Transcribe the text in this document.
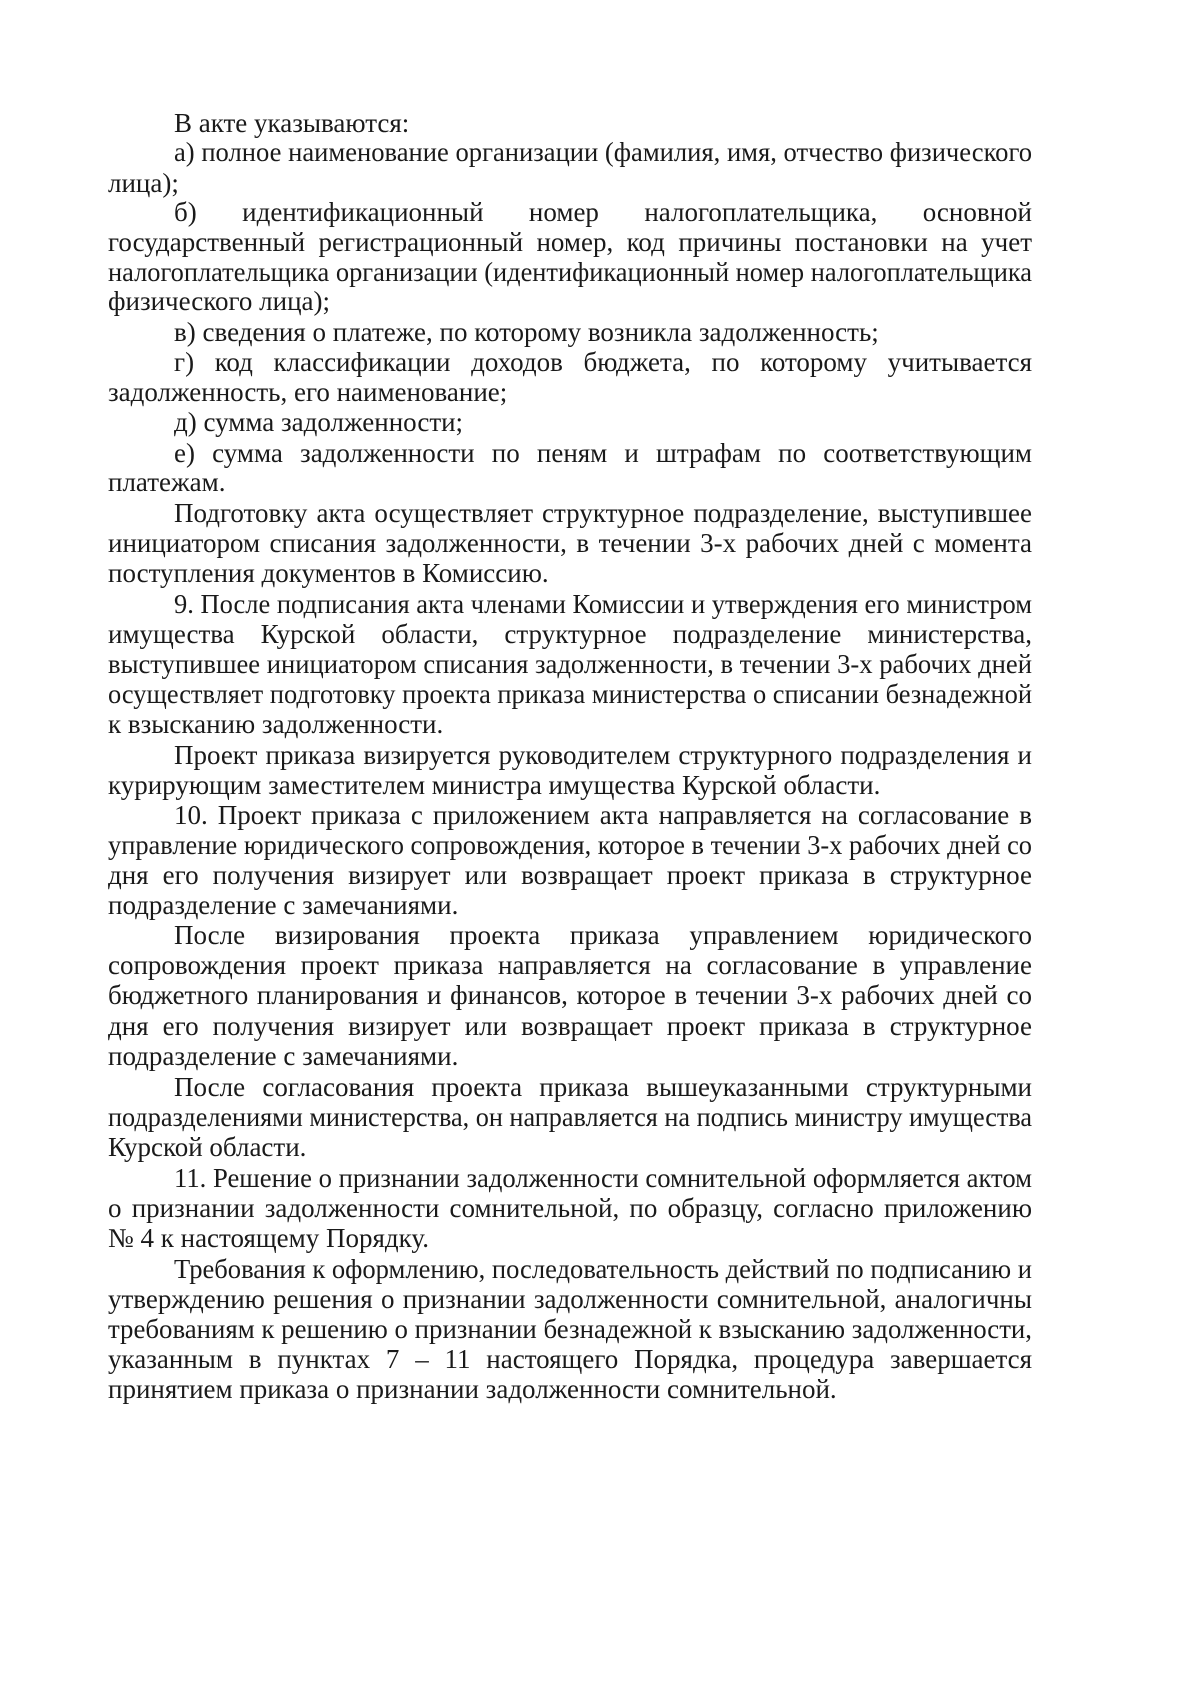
В акте указываются:
а) полное наименование организации (фамилия, имя, отчество физического
лица);
б) идентификационный номер налогоплательщика, основной
государственный регистрационный номер, код причины постановки на учет
налогоплательщика организации (идентификационный номер налогоплательщика
физического лица);
в) сведения о платеже, по которому возникла задолженность;
г) код классификации доходов бюджета, по которому учитывается
задолженность, его наименование;
д) сумма задолженности;
е) сумма задолженности по пеням и штрафам по соответствующим
платежам.
Подготовку акта осуществляет структурное подразделение, выступившее
инициатором списания задолженности, в течении 3-х рабочих дней с момента
поступления документов в Комиссию.
9. После подписания акта членами Комиссии и утверждения его министром
имущества Курской области, структурное подразделение министерства,
выступившее инициатором списания задолженности, в течении 3-х рабочих дней
осуществляет подготовку проекта приказа министерства о списании безнадежной
к взысканию задолженности.
Проект приказа визируется руководителем структурного подразделения и
курирующим заместителем министра имущества Курской области.
10. Проект приказа с приложением акта направляется на согласование в
управление юридического сопровождения, которое в течении 3-х рабочих дней со
дня его получения визирует или возвращает проект приказа в структурное
подразделение с замечаниями.
После визирования проекта приказа управлением юридического
сопровождения проект приказа направляется на согласование в управление
бюджетного планирования и финансов, которое в течении 3-х рабочих дней со
дня его получения визирует или возвращает проект приказа в структурное
подразделение с замечаниями.
После согласования проекта приказа вышеуказанными структурными
подразделениями министерства, он направляется на подпись министру имущества
Курской области.
11. Решение о признании задолженности сомнительной оформляется актом
о признании задолженности сомнительной, по образцу, согласно приложению
№ 4 к настоящему Порядку.
Требования к оформлению, последовательность действий по подписанию и
утверждению решения о признании задолженности сомнительной, аналогичны
требованиям к решению о признании безнадежной к взысканию задолженности,
указанным в пунктах 7 – 11 настоящего Порядка, процедура завершается
принятием приказа о признании задолженности сомнительной.
